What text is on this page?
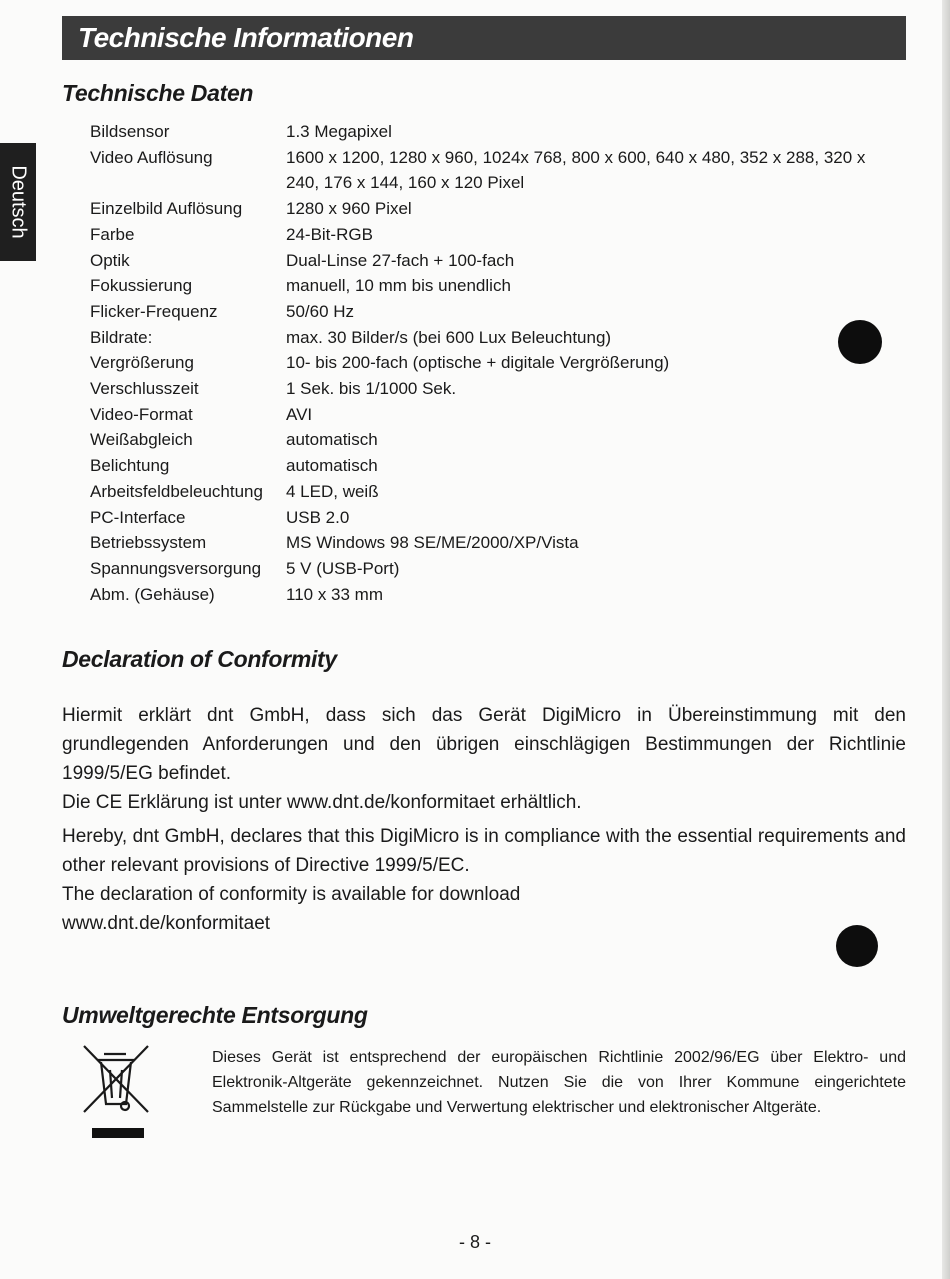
Technische Informationen
Deutsch
Technische Daten
Bildsensor	1.3 Megapixel
Video Auflösung	1600 x 1200, 1280 x 960, 1024x 768, 800 x 600, 640 x 480, 352 x 288, 320 x 240, 176 x 144, 160 x 120 Pixel
Einzelbild Auflösung	1280 x 960 Pixel
Farbe	24-Bit-RGB
Optik	Dual-Linse 27-fach + 100-fach
Fokussierung	manuell, 10 mm bis unendlich
Flicker-Frequenz	50/60 Hz
Bildrate:	max. 30 Bilder/s (bei 600 Lux Beleuchtung)
Vergrößerung	10- bis 200-fach (optische + digitale Vergrößerung)
Verschlusszeit	1 Sek. bis 1/1000 Sek.
Video-Format	AVI
Weißabgleich	automatisch
Belichtung	automatisch
Arbeitsfeldbeleuchtung	4 LED, weiß
PC-Interface	USB 2.0
Betriebssystem	MS Windows 98 SE/ME/2000/XP/Vista
Spannungsversorgung	5 V (USB-Port)
Abm. (Gehäuse)	110 x 33 mm
Declaration of Conformity

Hiermit erklärt dnt GmbH, dass sich das Gerät DigiMicro in Übereinstimmung mit den grundlegenden Anforderungen und den übrigen einschlägigen Bestimmungen der Richtlinie 1999/5/EG befindet.

Die CE Erklärung ist unter www.dnt.de/konformitaet erhältlich.

Hereby, dnt GmbH, declares that this DigiMicro is in compliance with the essential requirements and other relevant provisions of Directive 1999/5/EC.

The declaration of conformity is available for download

www.dnt.de/konformitaet

Umweltgerechte Entsorgung

Dieses Gerät ist entsprechend der europäischen Richtlinie 2002/96/EG über Elektro- und Elektronik-Altgeräte gekennzeichnet. Nutzen Sie die von Ihrer Kommune eingerichtete Sammelstelle zur Rückgabe und Verwertung elektrischer und elektronischer Altgeräte.

- 8 -
